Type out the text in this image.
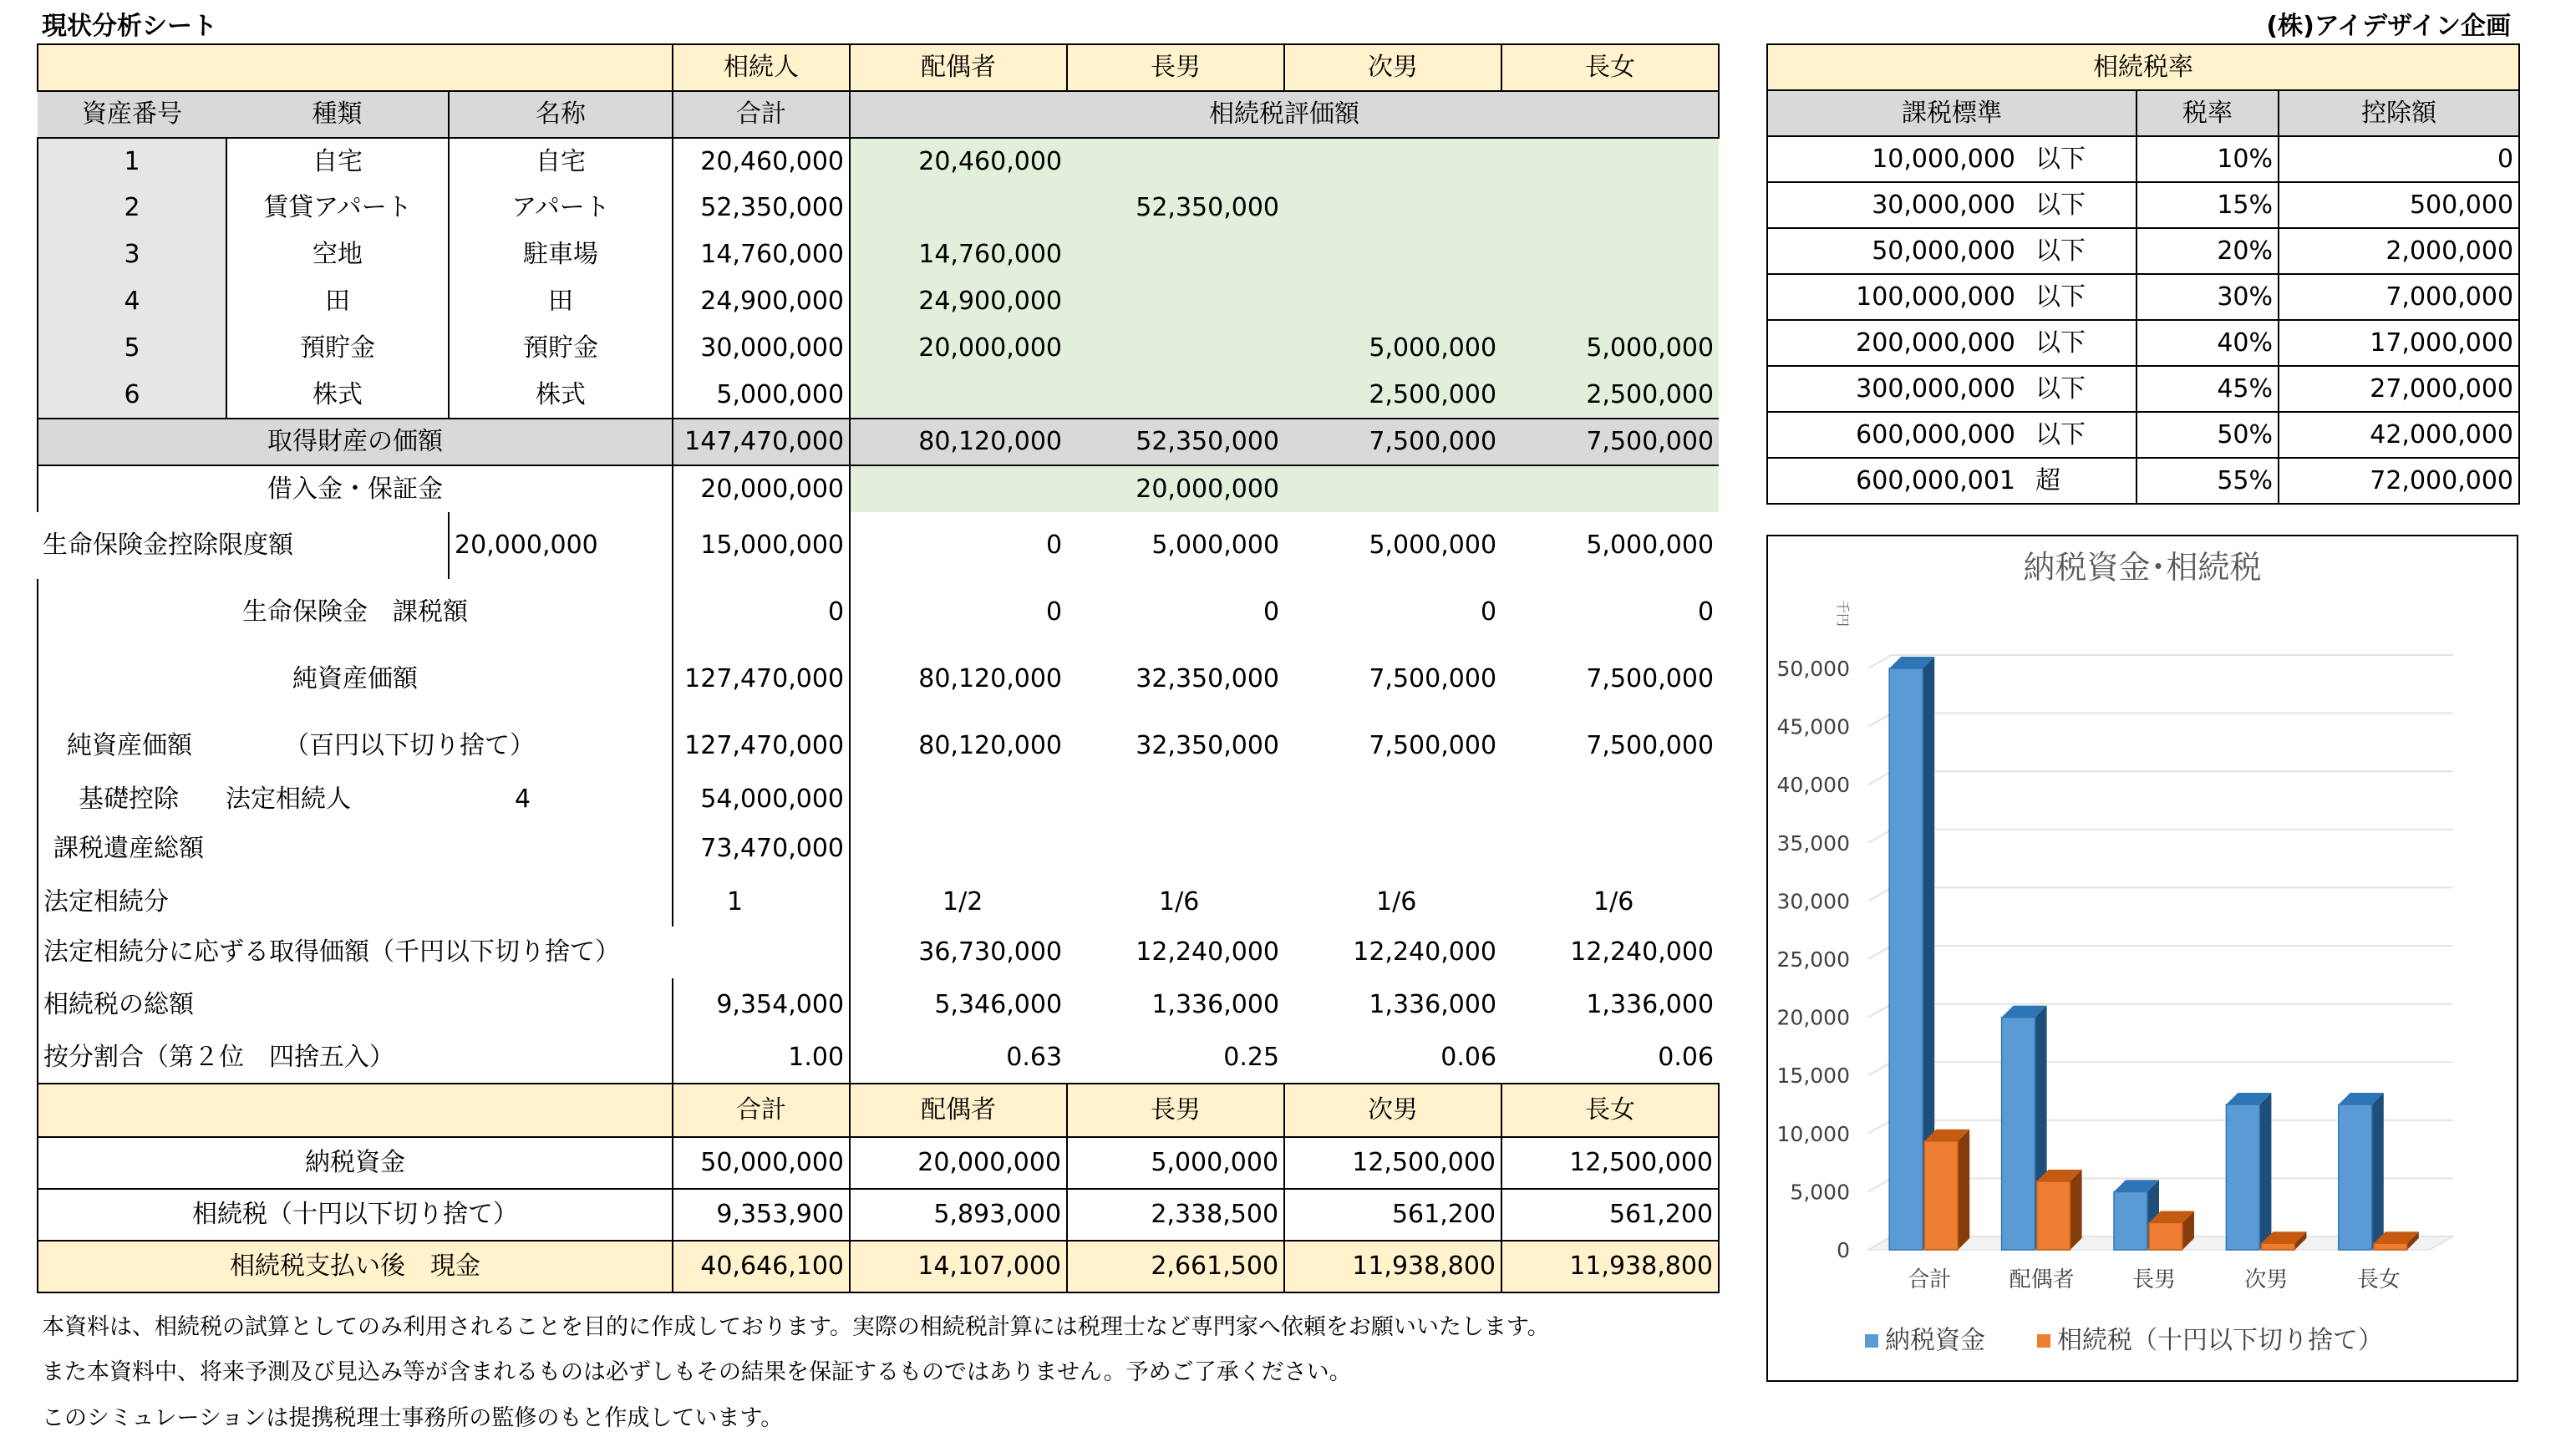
現状分析シート	(株)アイデザイン企画
			相続人	配偶者	長男	次男	長女
資産番号	種類	名称	合計	相続税評価額			
1	自宅	自宅	20,460,000	20,460,000			
2	賃貸アパート	アパート	52,350,000		52,350,000		
3	空地	駐車場	14,760,000	14,760,000			
4	田	田	24,900,000	24,900,000			
5	預貯金	預貯金	30,000,000	20,000,000		5,000,000	5,000,000
6	株式	株式	5,000,000			2,500,000	2,500,000
取得財産の価額			147,470,000	80,120,000	52,350,000	7,500,000	7,500,000
借入金・保証金			20,000,000		20,000,000		
生命保険金控除限度額		20,000,000	15,000,000	0	5,000,000	5,000,000	5,000,000
生命保険金　課税額			0	0	0	0	0
純資産価額			127,470,000	80,120,000	32,350,000	7,500,000	7,500,000
純資産価額 （百円以下切り捨て）			127,470,000	80,120,000	32,350,000	7,500,000	7,500,000
基礎控除 法定相続人 4			54,000,000				
課税遺産総額			73,470,000				
法定相続分			1	1/2	1/6	1/6	1/6
法定相続分に応ずる取得価額（千円以下切り捨て）				36,730,000	12,240,000	12,240,000	12,240,000
相続税の総額			9,354,000	5,346,000	1,336,000	1,336,000	1,336,000
按分割合（第２位　四捨五入）			1.00	0.63	0.25	0.06	0.06
			合計	配偶者	長男	次男	長女
納税資金			50,000,000	20,000,000	5,000,000	12,500,000	12,500,000
相続税（十円以下切り捨て）			9,353,900	5,893,000	2,338,500	561,200	561,200
相続税支払い後　現金			40,646,100	14,107,000	2,661,500	11,938,800	11,938,800
相続税率		
課税標準	税率	控除額
10,000,000 以下	10%	0
30,000,000 以下	15%	500,000
50,000,000 以下	20%	2,000,000
100,000,000 以下	30%	7,000,000
200,000,000 以下	40%	17,000,000
300,000,000 以下	45%	27,000,000
600,000,000 以下	50%	42,000,000
600,000,001 超	55%	72,000,000
納税資金･相続税
千円
0
5,000
10,000
15,000
20,000
25,000
30,000
35,000
40,000
45,000
50,000
合計	配偶者	長男	次男	長女
納税資金	相続税（十円以下切り捨て）
本資料は、相続税の試算としてのみ利用されることを目的に作成しております。実際の相続税計算には税理士など専門家へ依頼をお願いいたします。
また本資料中、将来予測及び見込み等が含まれるものは必ずしもその結果を保証するものではありません。予めご了承ください。
このシミュレーションは提携税理士事務所の監修のもと作成しています。
